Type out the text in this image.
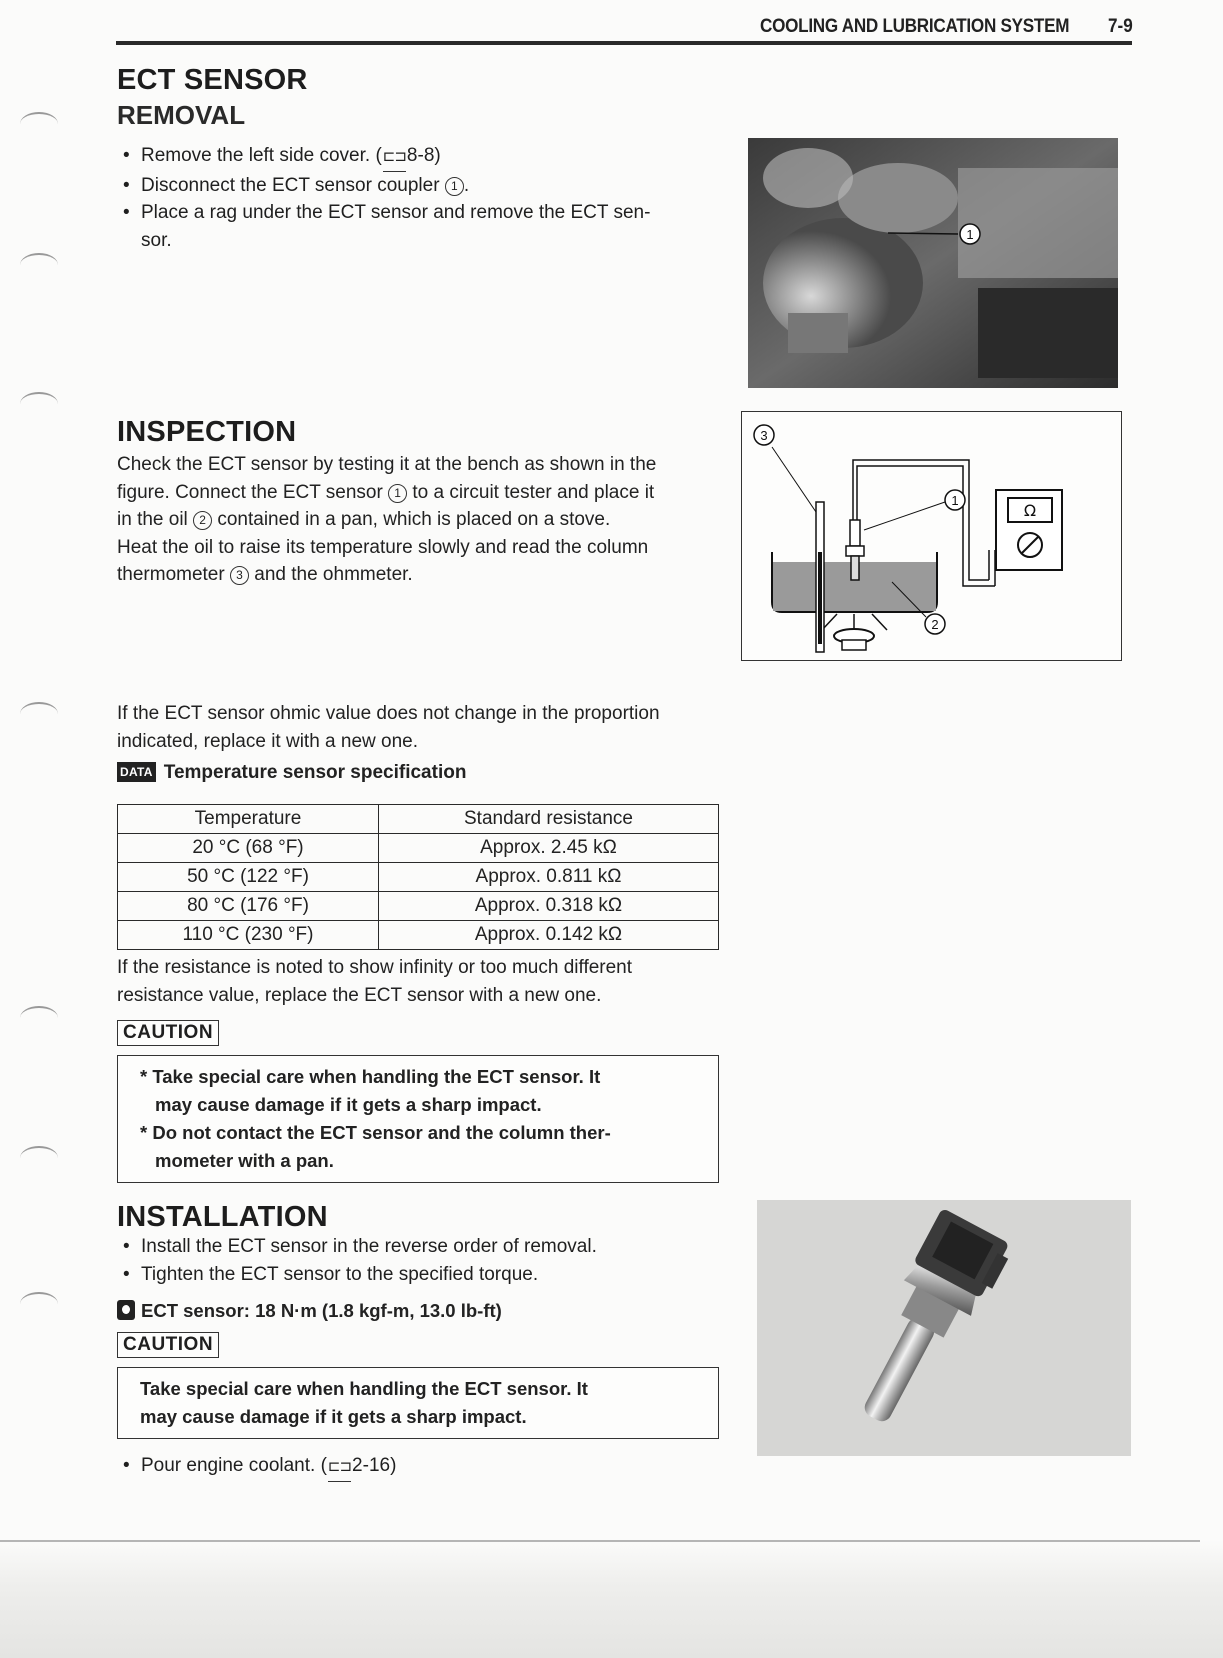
COOLING AND LUBRICATION SYSTEM 7-9
ECT SENSOR
REMOVAL
• Remove the left side cover. (⊏⊐8-8)
• Disconnect the ECT sensor coupler 1 .
• Place a rag under the ECT sensor and remove the ECT sen-
sor.	1
INSPECTION
Check the ECT sensor by testing it at the bench as shown in the
figure. Connect the ECT sensor 1 to a circuit tester and place it
in the oil 2 contained in a pan, which is placed on a stove.
Heat the oil to raise its temperature slowly and read the column
thermometer 3 and the ohmmeter.
Ω
3
1
2
If the ECT sensor ohmic value does not change in the proportion
indicated, replace it with a new one.
DATA Temperature sensor specification
Temperature	Standard resistance
20 °C (68 °F)	Approx. 2.45 kΩ
50 °C (122 °F)	Approx. 0.811 kΩ
80 °C (176 °F)	Approx. 0.318 kΩ
110 °C (230 °F)	Approx. 0.142 kΩ
If the resistance is noted to show infinity or too much different
resistance value, replace the ECT sensor with a new one.
CAUTION
* Take special care when handling the ECT sensor. It
may cause damage if it gets a sharp impact.
* Do not contact the ECT sensor and the column ther-
mometer with a pan.
INSTALLATION
• Install the ECT sensor in the reverse order of removal.
• Tighten the ECT sensor to the specified torque.
ECT sensor: 18 N·m (1.8 kgf-m, 13.0 lb-ft)
CAUTION
Take special care when handling the ECT sensor. It
may cause damage if it gets a sharp impact.
• Pour engine coolant. (⊏⊐2-16)
